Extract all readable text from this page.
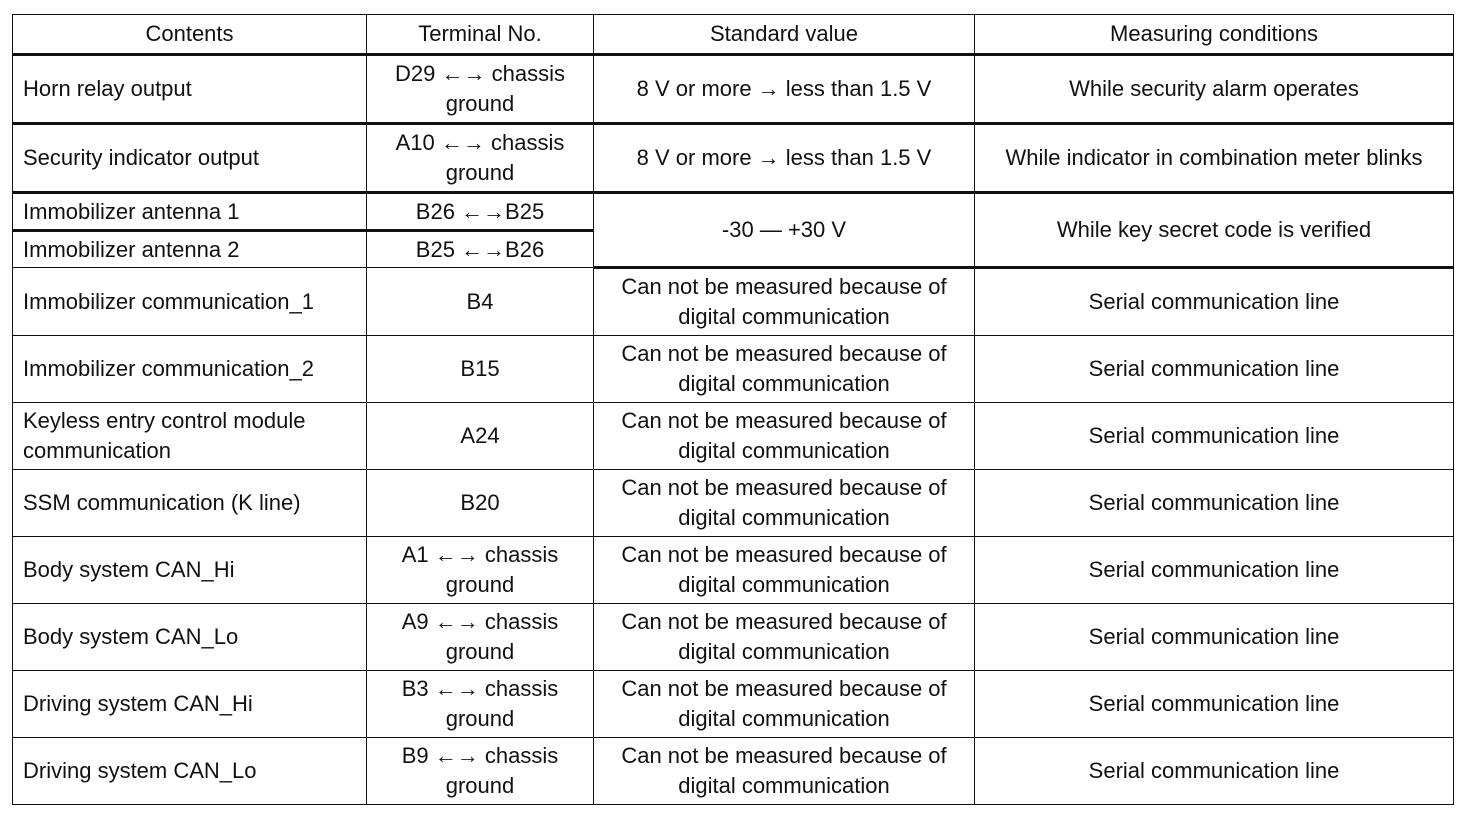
Contents	Terminal No.	Standard value	Measuring conditions
Horn relay output	D29 ←→ chassis ground	8 V or more → less than 1.5 V	While security alarm operates
Security indicator output	A10 ←→ chassis ground	8 V or more → less than 1.5 V	While indicator in combination meter blinks
Immobilizer antenna 1	B26 ←→B25	-30 — +30 V	While key secret code is verified
Immobilizer antenna 2	B25 ←→B26		
Immobilizer communication_1	B4	Can not be measured because of digital communication	Serial communication line
Immobilizer communication_2	B15	Can not be measured because of digital communication	Serial communication line
Keyless entry control module communication	A24	Can not be measured because of digital communication	Serial communication line
SSM communication (K line)	B20	Can not be measured because of digital communication	Serial communication line
Body system CAN_Hi	A1 ←→ chassis ground	Can not be measured because of digital communication	Serial communication line
Body system CAN_Lo	A9 ←→ chassis ground	Can not be measured because of digital communication	Serial communication line
Driving system CAN_Hi	B3 ←→ chassis ground	Can not be measured because of digital communication	Serial communication line
Driving system CAN_Lo	B9 ←→ chassis ground	Can not be measured because of digital communication	Serial communication line
